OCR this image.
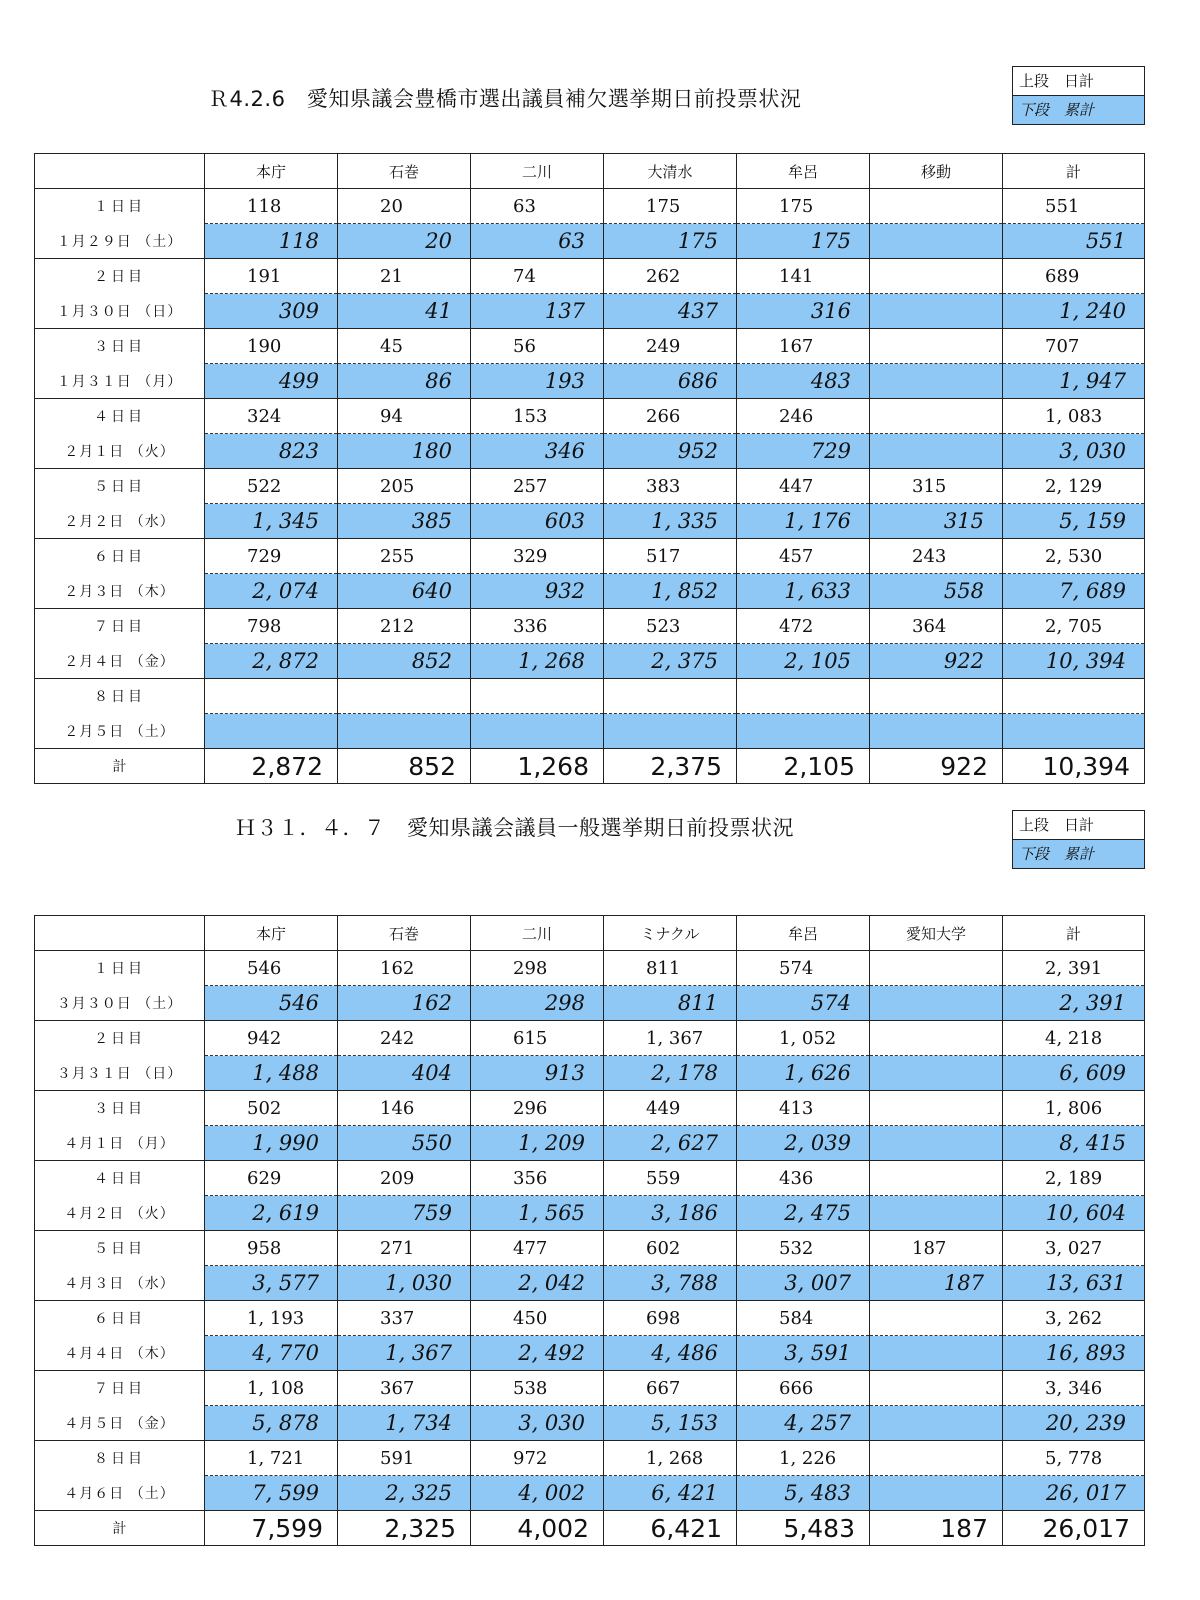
Ｒ4.2.6　愛知県議会豊橋市選出議員補欠選挙期日前投票状況
上段　日計
下段　累計
	本庁	石巻	二川	大清水	牟呂	移動	計
１日目	118	20	63	175	175		551
１月２９日 （土）	118	20	63	175	175		551
２日目	191	21	74	262	141		689
１月３０日 （日）	309	41	137	437	316		1, 240
３日目	190	45	56	249	167		707
１月３１日 （月）	499	86	193	686	483		1, 947
４日目	324	94	153	266	246		1, 083
２月１日 （火）	823	180	346	952	729		3, 030
５日目	522	205	257	383	447	315	2, 129
２月２日 （水）	1, 345	385	603	1, 335	1, 176	315	5, 159
６日目	729	255	329	517	457	243	2, 530
２月３日 （木）	2, 074	640	932	1, 852	1, 633	558	7, 689
７日目	798	212	336	523	472	364	2, 705
２月４日 （金）	2, 872	852	1, 268	2, 375	2, 105	922	10, 394
８日目							
２月５日 （土）							
計	2,872	852	1,268	2,375	2,105	922	10,394
Ｈ３１．４．７　愛知県議会議員一般選挙期日前投票状況	上段　日計
下段　累計
	本庁	石巻	二川	ミナクル	牟呂	愛知大学	計
１日目	546	162	298	811	574		2, 391
３月３０日 （土）	546	162	298	811	574		2, 391
２日目	942	242	615	1, 367	1, 052		4, 218
３月３１日 （日）	1, 488	404	913	2, 178	1, 626		6, 609
３日目	502	146	296	449	413		1, 806
４月１日 （月）	1, 990	550	1, 209	2, 627	2, 039		8, 415
４日目	629	209	356	559	436		2, 189
４月２日 （火）	2, 619	759	1, 565	3, 186	2, 475		10, 604
５日目	958	271	477	602	532	187	3, 027
４月３日 （水）	3, 577	1, 030	2, 042	3, 788	3, 007	187	13, 631
６日目	1, 193	337	450	698	584		3, 262
４月４日 （木）	4, 770	1, 367	2, 492	4, 486	3, 591		16, 893
７日目	1, 108	367	538	667	666		3, 346
４月５日 （金）	5, 878	1, 734	3, 030	5, 153	4, 257		20, 239
８日目	1, 721	591	972	1, 268	1, 226		5, 778
４月６日 （土）	7, 599	2, 325	4, 002	6, 421	5, 483		26, 017
計	7,599	2,325	4,002	6,421	5,483	187	26,017
